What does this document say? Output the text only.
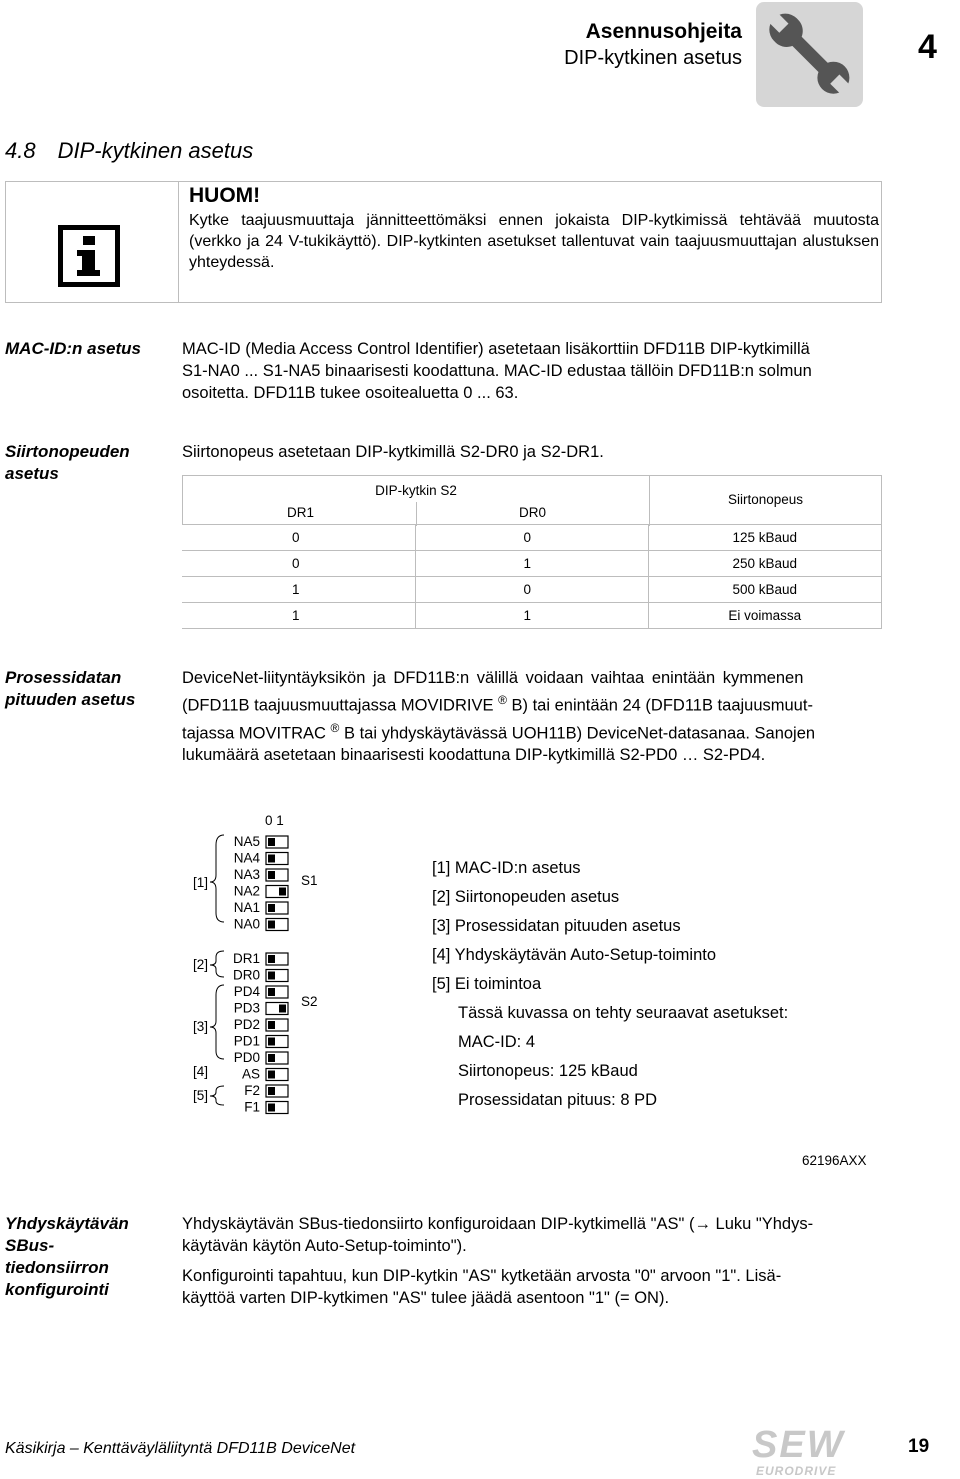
Asennusohjeita
DIP-kytkinen asetus	4
4.8 DIP-kytkinen asetus
HUOM!
Kytke taajuusmuuttaja jännitteettömäksi ennen jokaista DIP-kytkimissä tehtävää muutosta (verkko ja 24 V-tukikäyttö). DIP-kytkinten asetukset tallentuvat vain taajuusmuuttajan alustuksen yhteydessä.
MAC-ID:n asetus MAC-ID (Media Access Control Identifier) asetetaan lisäkorttiin DFD11B DIP-kytkimillä
S1-NA0 ... S1-NA5 binaarisesti koodattuna. MAC-ID edustaa tällöin DFD11B:n solmun
osoitetta. DFD11B tukee osoitealuetta 0 ... 63.
Siirtonopeuden
asetus
Siirtonopeus asetetaan DIP-kytkimillä S2-DR0 ja S2-DR1.
DIP-kytkin S2
DR1	DR0
Siirtonopeus
0	0	125 kBaud
0	1	250 kBaud
1	0	500 kBaud
1	1	Ei voimassa
Prosessidatan
pituuden asetus
DeviceNet-liityntäyksikön ja DFD11B:n välillä voidaan vaihtaa enintään kymmenen
(DFD11B taajuusmuuttajassa MOVIDRIVE ® B) tai enintään 24 (DFD11B taajuusmuut-
tajassa MOVITRAC ® B tai yhdyskäytävässä UOH11B) DeviceNet-datasanaa. Sanojen
lukumäärä asetetaan binaarisesti koodattuna DIP-kytkimillä S2-PD0 … S2-PD4.
0 1
NA5
NA4
NA3
NA2
NA1
NA0
DR1
DR0
PD4
PD3
PD2
PD1
PD0
AS
F2
F1
S1
S2
[1]
[2]
[3]
[4]
[5]
[1] MAC-ID:n asetus
[2] Siirtonopeuden asetus
[3] Prosessidatan pituuden asetus
[4] Yhdyskäytävän Auto-Setup-toiminto
[5] Ei toimintoa
Tässä kuvassa on tehty seuraavat asetukset:
MAC-ID: 4
Siirtonopeus: 125 kBaud
Prosessidatan pituus: 8 PD
62196AXX
Yhdyskäytävän
SBus-
tiedonsiirron
konfigurointi
Yhdyskäytävän SBus-tiedonsiirto konfiguroidaan DIP-kytkimellä "AS" (→ Luku "Yhdys-
käytävän käytön Auto-Setup-toiminto").
Konfigurointi tapahtuu, kun DIP-kytkin "AS" kytketään arvosta "0" arvoon "1". Lisä-
käyttöä varten DIP-kytkimen "AS" tulee jäädä asentoon "1" (= ON).
Käsikirja – Kenttäväyläliityntä DFD11B DeviceNet	SEW
EURODRIVE
19
